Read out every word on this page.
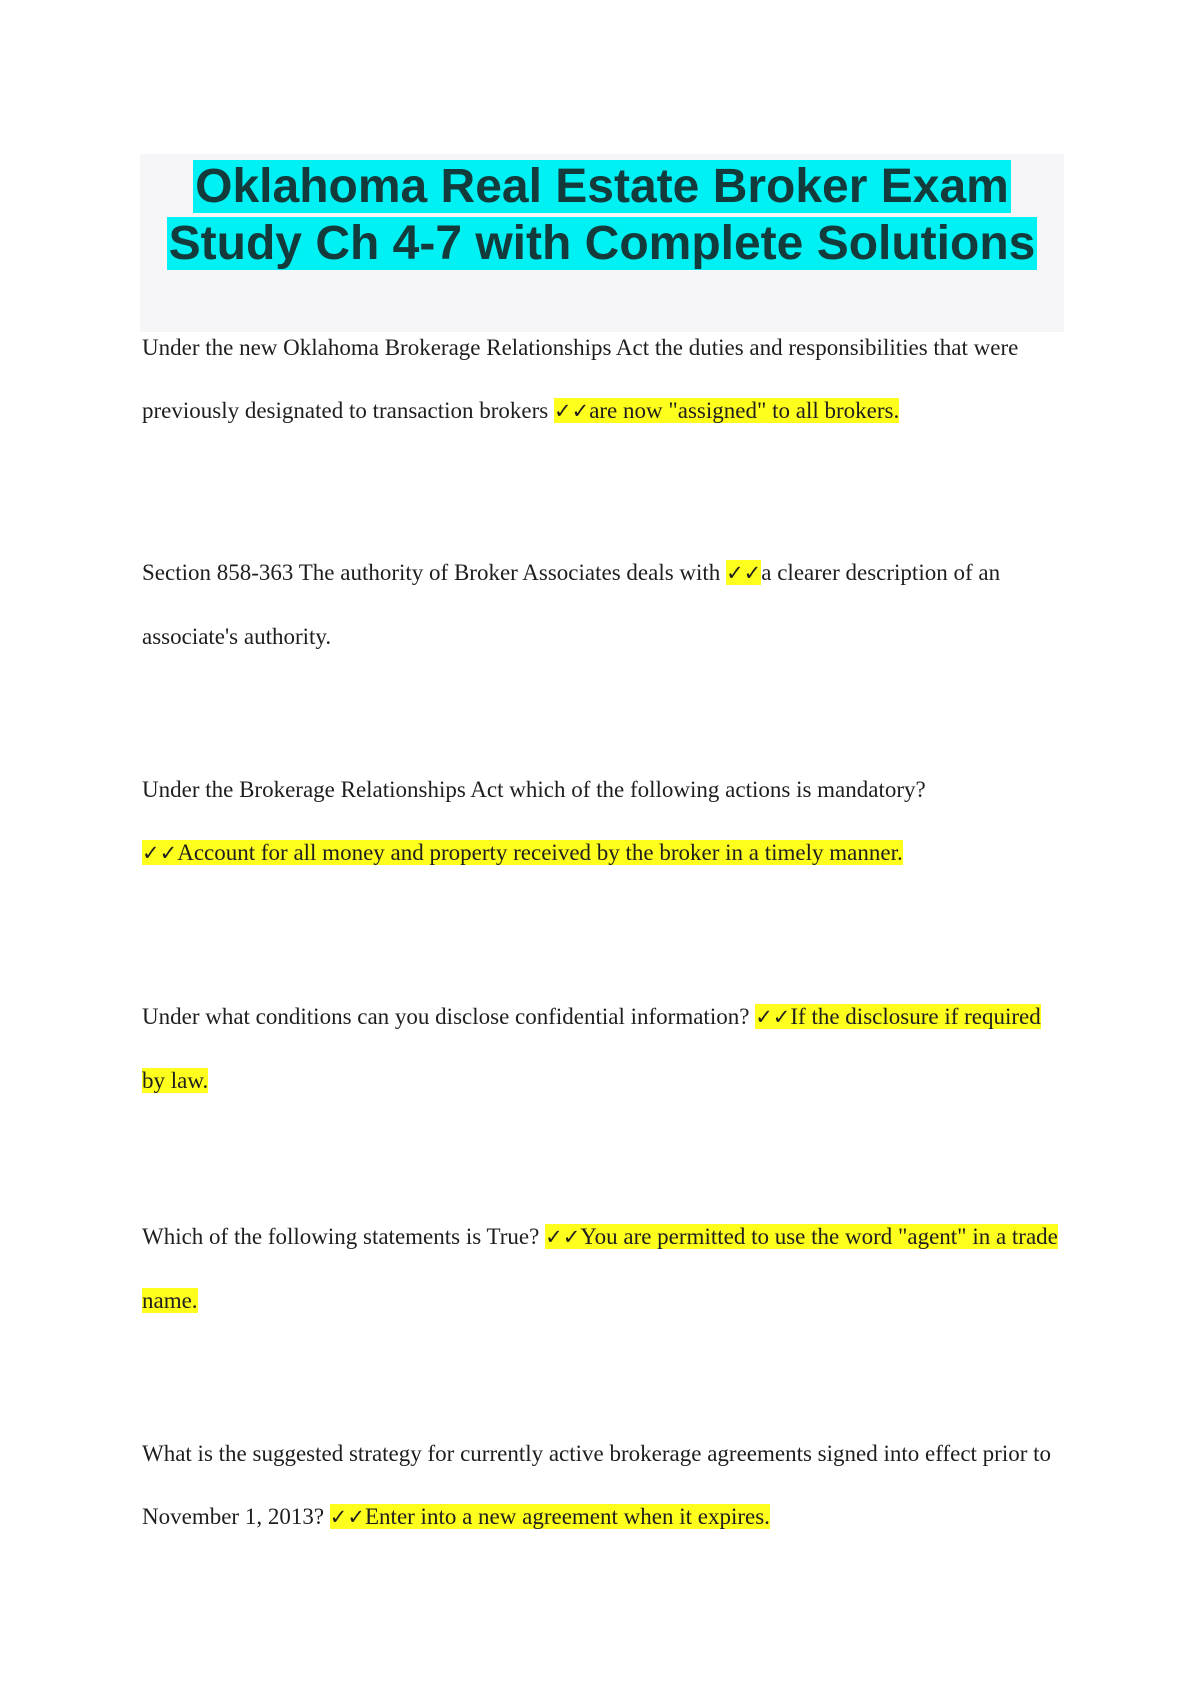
Oklahoma Real Estate Broker Exam
Study Ch 4-7 with Complete Solutions

Under the new Oklahoma Brokerage Relationships Act the duties and responsibilities that were previously designated to transaction brokers ✓✓are now "assigned" to all brokers.

Section 858-363 The authority of Broker Associates deals with ✓✓a clearer description of an associate's authority.

Under the Brokerage Relationships Act which of the following actions is mandatory?
✓✓Account for all money and property received by the broker in a timely manner.

Under what conditions can you disclose confidential information? ✓✓If the disclosure if required by law.

Which of the following statements is True? ✓✓You are permitted to use the word "agent" in a trade name.

What is the suggested strategy for currently active brokerage agreements signed into effect prior to November 1, 2013? ✓✓Enter into a new agreement when it expires.
